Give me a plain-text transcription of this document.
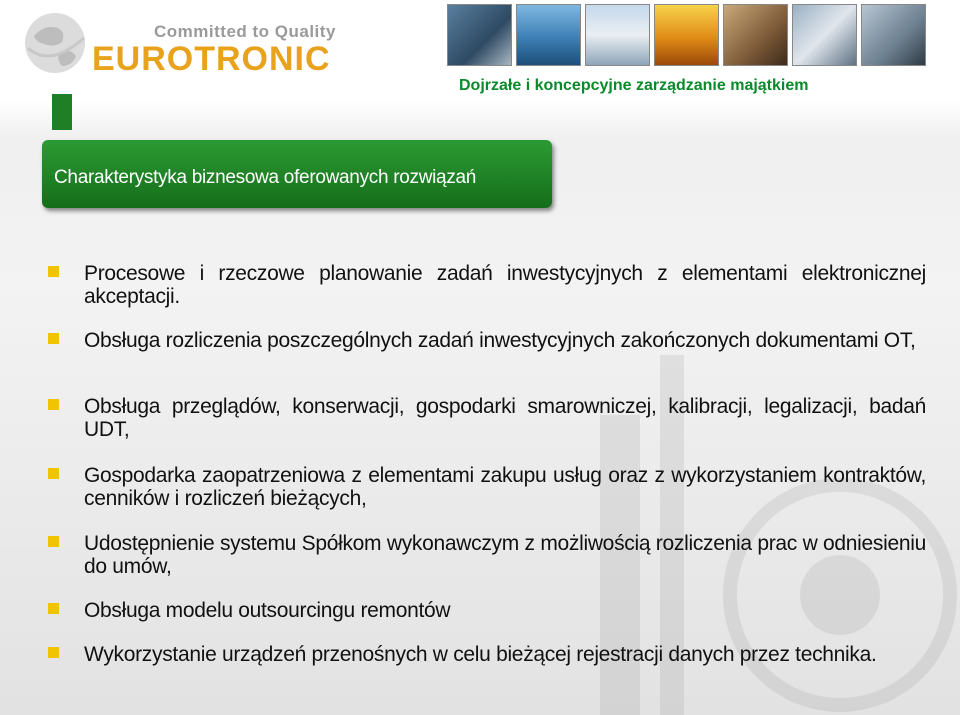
Committed to Quality
EUROTRONIC
Dojrzałe i koncepcyjne zarządzanie majątkiem
Charakterystyka biznesowa oferowanych rozwiązań
Procesowe i rzeczowe planowanie zadań inwestycyjnych z elementami elektronicznej akceptacji.
Obsługa rozliczenia poszczególnych zadań inwestycyjnych zakończonych dokumentami OT,
Obsługa przeglądów, konserwacji, gospodarki smarowniczej, kalibracji, legalizacji, badań UDT,
Gospodarka zaopatrzeniowa z elementami zakupu usług oraz z wykorzystaniem kontraktów, cenników i rozliczeń bieżących,
Udostępnienie systemu Spółkom wykonawczym z możliwością rozliczenia prac w odniesieniu do umów,
Obsługa modelu outsourcingu remontów
Wykorzystanie urządzeń przenośnych w celu bieżącej rejestracji danych przez technika.
